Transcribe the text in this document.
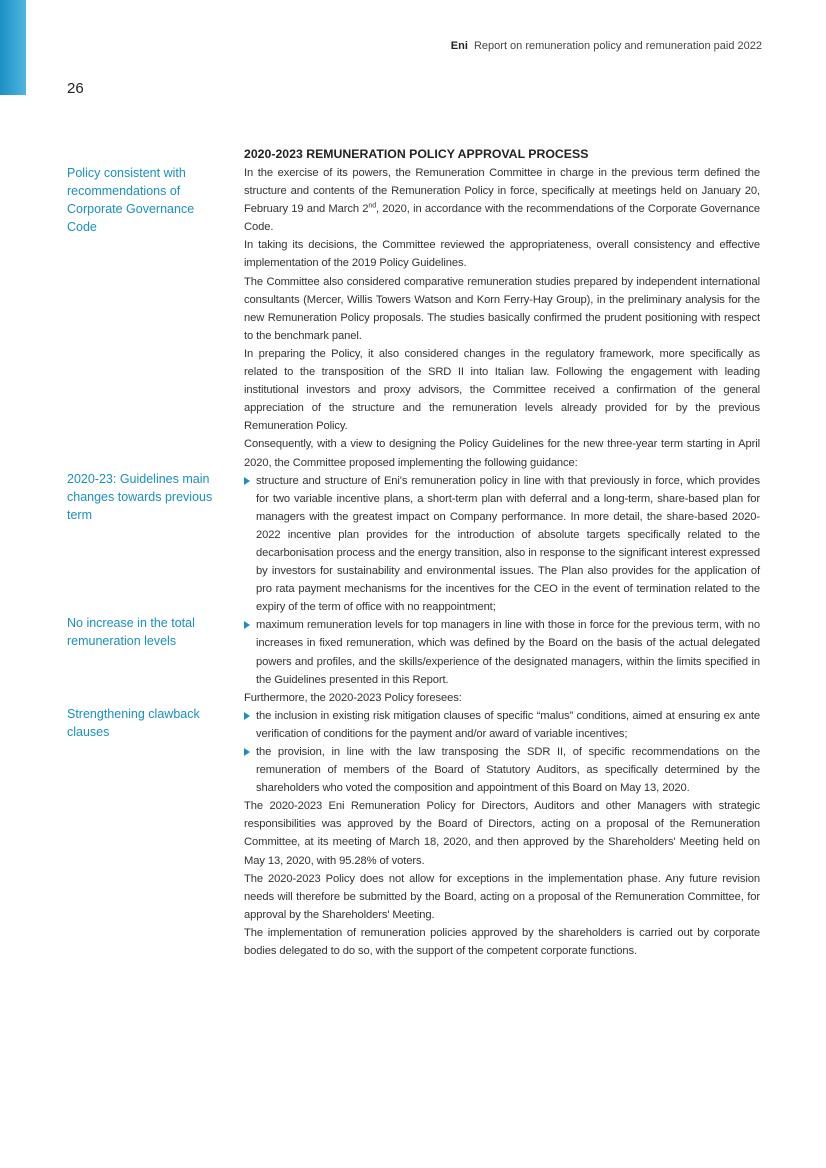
Eni Report on remuneration policy and remuneration paid 2022
26
Policy consistent with recommendations of Corporate Governance Code
2020-23: Guidelines main changes towards previous term
No increase in the total remuneration levels
Strengthening clawback clauses
2020-2023 REMUNERATION POLICY APPROVAL PROCESS

In the exercise of its powers, the Remuneration Committee in charge in the previous term defined the structure and contents of the Remuneration Policy in force, specifically at meetings held on January 20, February 19 and March 2nd, 2020, in accordance with the recommendations of the Corporate Governance Code.

In taking its decisions, the Committee reviewed the appropriateness, overall consistency and effective implementation of the 2019 Policy Guidelines.

The Committee also considered comparative remuneration studies prepared by independent international consultants (Mercer, Willis Towers Watson and Korn Ferry-Hay Group), in the preliminary analysis for the new Remuneration Policy proposals. The studies basically confirmed the prudent positioning with respect to the benchmark panel.

In preparing the Policy, it also considered changes in the regulatory framework, more specifically as related to the transposition of the SRD II into Italian law. Following the engagement with leading institutional investors and proxy advisors, the Committee received a confirmation of the general appreciation of the structure and the remuneration levels already provided for by the previous Remuneration Policy.

Consequently, with a view to designing the Policy Guidelines for the new three-year term starting in April 2020, the Committee proposed implementing the following guidance:

structure and structure of Eni's remuneration policy in line with that previously in force, which provides for two variable incentive plans, a short-term plan with deferral and a long-term, share-based plan for managers with the greatest impact on Company performance. In more detail, the share-based 2020-2022 incentive plan provides for the introduction of absolute targets specifically related to the decarbonisation process and the energy transition, also in response to the significant interest expressed by investors for sustainability and environmental issues. The Plan also provides for the application of pro rata payment mechanisms for the incentives for the CEO in the event of termination related to the expiry of the term of office with no reappointment;
maximum remuneration levels for top managers in line with those in force for the previous term, with no increases in fixed remuneration, which was defined by the Board on the basis of the actual delegated powers and profiles, and the skills/experience of the designated managers, within the limits specified in the Guidelines presented in this Report.

Furthermore, the 2020-2023 Policy foresees:

the inclusion in existing risk mitigation clauses of specific “malus” conditions, aimed at ensuring ex ante verification of conditions for the payment and/or award of variable incentives;
the provision, in line with the law transposing the SDR II, of specific recommendations on the remuneration of members of the Board of Statutory Auditors, as specifically determined by the shareholders who voted the composition and appointment of this Board on May 13, 2020.

The 2020-2023 Eni Remuneration Policy for Directors, Auditors and other Managers with strategic responsibilities was approved by the Board of Directors, acting on a proposal of the Remuneration Committee, at its meeting of March 18, 2020, and then approved by the Shareholders' Meeting held on May 13, 2020, with 95.28% of voters.

The 2020-2023 Policy does not allow for exceptions in the implementation phase. Any future revision needs will therefore be submitted by the Board, acting on a proposal of the Remuneration Committee, for approval by the Shareholders' Meeting.

The implementation of remuneration policies approved by the shareholders is carried out by corporate bodies delegated to do so, with the support of the competent corporate functions.
